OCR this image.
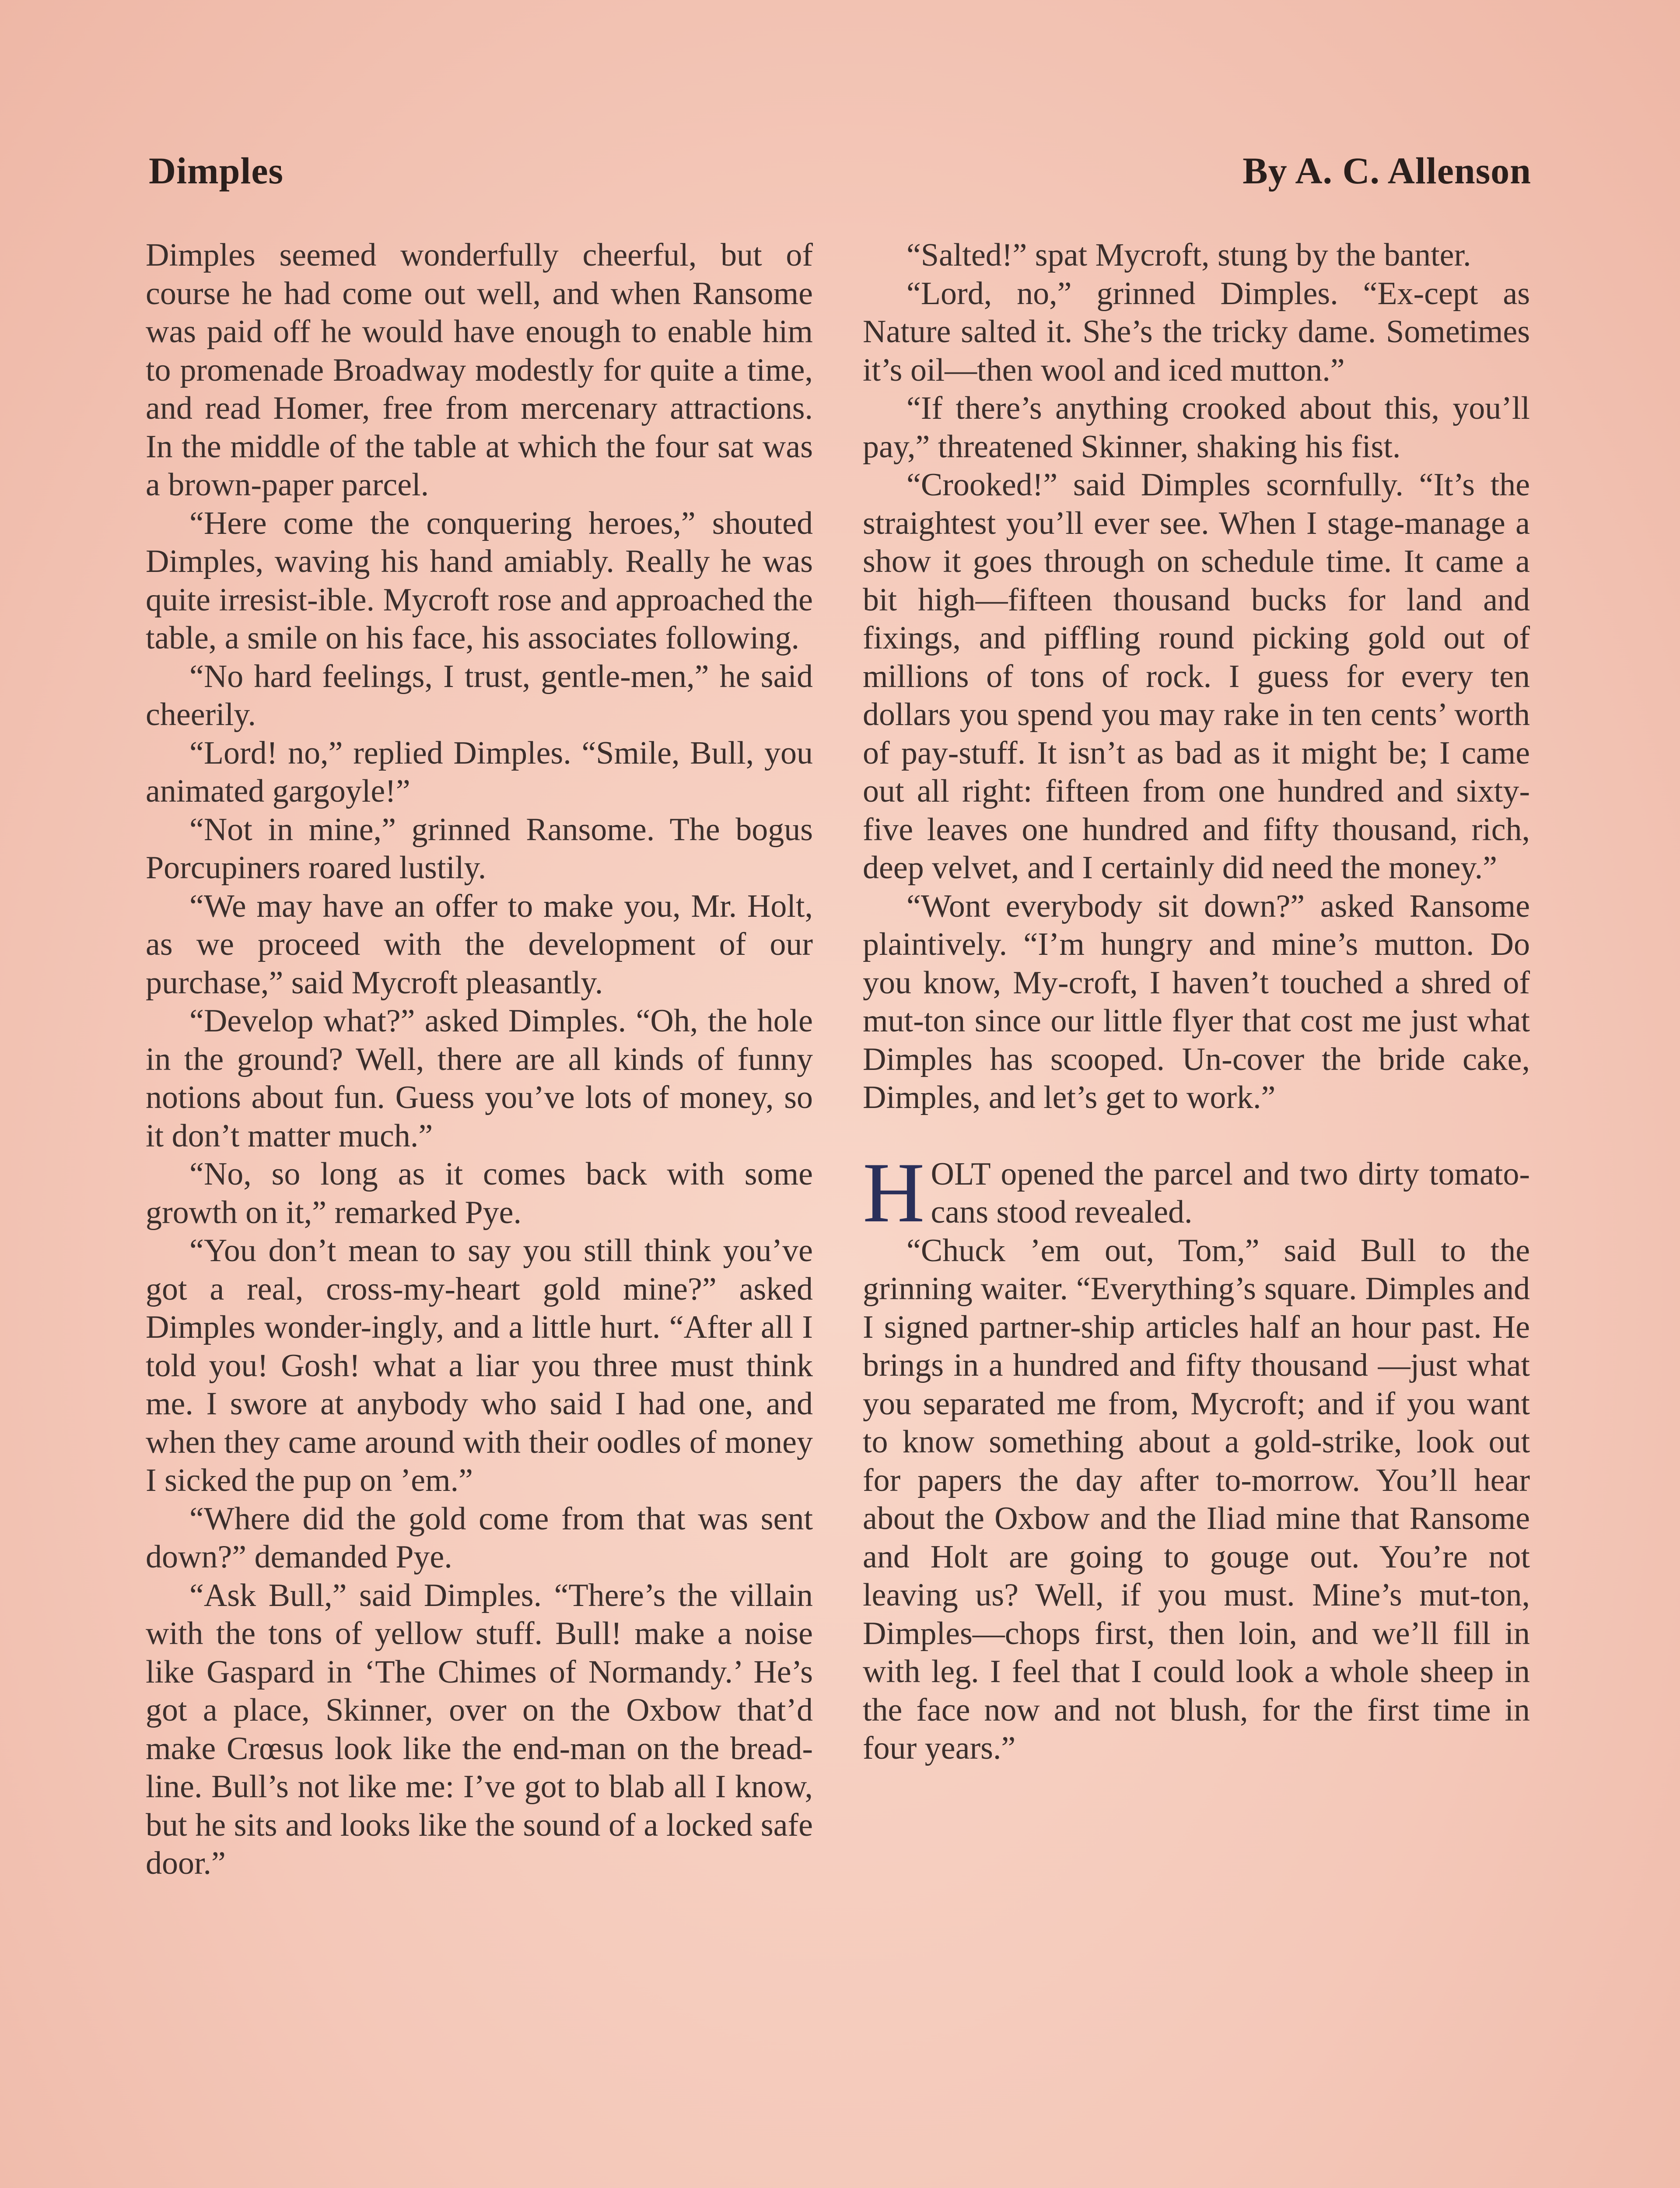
Dimples	By A. C. Allenson

Dimples seemed wonderfully cheerful, but of course he had come out well, and when Ransome was paid off he would have enough to enable him to promenade Broadway modestly for quite a time, and read Homer, free from mercenary attractions. In the middle of the table at which the four sat was a brown-paper parcel.

“Here come the conquering heroes,” shouted Dimples, waving his hand amiably. Really he was quite irresist-ible. Mycroft rose and approached the table, a smile on his face, his associates following.

“No hard feelings, I trust, gentle-men,” he said cheerily.

“Lord! no,” replied Dimples. “Smile, Bull, you animated gargoyle!”

“Not in mine,” grinned Ransome. The bogus Porcupiners roared lustily.

“We may have an offer to make you, Mr. Holt, as we proceed with the development of our purchase,” said Mycroft pleasantly.

“Develop what?” asked Dimples. “Oh, the hole in the ground? Well, there are all kinds of funny notions about fun. Guess you’ve lots of money, so it don’t matter much.”

“No, so long as it comes back with some growth on it,” remarked Pye.

“You don’t mean to say you still think you’ve got a real, cross-my-heart gold mine?” asked Dimples wonder-ingly, and a little hurt. “After all I told you! Gosh! what a liar you three must think me. I swore at anybody who said I had one, and when they came around with their oodles of money I sicked the pup on ’em.”

“Where did the gold come from that was sent down?” demanded Pye.

“Ask Bull,” said Dimples. “There’s the villain with the tons of yellow stuff. Bull! make a noise like Gaspard in ‘The Chimes of Normandy.’ He’s got a place, Skinner, over on the Oxbow that’d make Crœsus look like the end-man on the bread-line. Bull’s not like me: I’ve got to blab all I know, but he sits and looks like the sound of a locked safe door.”

“Salted!” spat Mycroft, stung by the banter.

“Lord, no,” grinned Dimples. “Ex-cept as Nature salted it. She’s the tricky dame. Sometimes it’s oil—then wool and iced mutton.”

“If there’s anything crooked about this, you’ll pay,” threatened Skinner, shaking his fist.

“Crooked!” said Dimples scornfully. “It’s the straightest you’ll ever see. When I stage-manage a show it goes through on schedule time. It came a bit high—fifteen thousand bucks for land and fixings, and piffling round picking gold out of millions of tons of rock. I guess for every ten dollars you spend you may rake in ten cents’ worth of pay-stuff. It isn’t as bad as it might be; I came out all right: fifteen from one hundred and sixty-five leaves one hundred and fifty thousand, rich, deep velvet, and I certainly did need the money.”

“Wont everybody sit down?” asked Ransome plaintively. “I’m hungry and mine’s mutton. Do you know, My-croft, I haven’t touched a shred of mut-ton since our little flyer that cost me just what Dimples has scooped. Un-cover the bride cake, Dimples, and let’s get to work.”

HOLT opened the parcel and two dirty tomato-cans stood revealed.

“Chuck ’em out, Tom,” said Bull to the grinning waiter. “Everything’s square. Dimples and I signed partner-ship articles half an hour past. He brings in a hundred and fifty thousand —just what you separated me from, Mycroft; and if you want to know something about a gold-strike, look out for papers the day after to-morrow. You’ll hear about the Oxbow and the Iliad mine that Ransome and Holt are going to gouge out. You’re not leaving us? Well, if you must. Mine’s mut-ton, Dimples—chops first, then loin, and we’ll fill in with leg. I feel that I could look a whole sheep in the face now and not blush, for the first time in four years.”
